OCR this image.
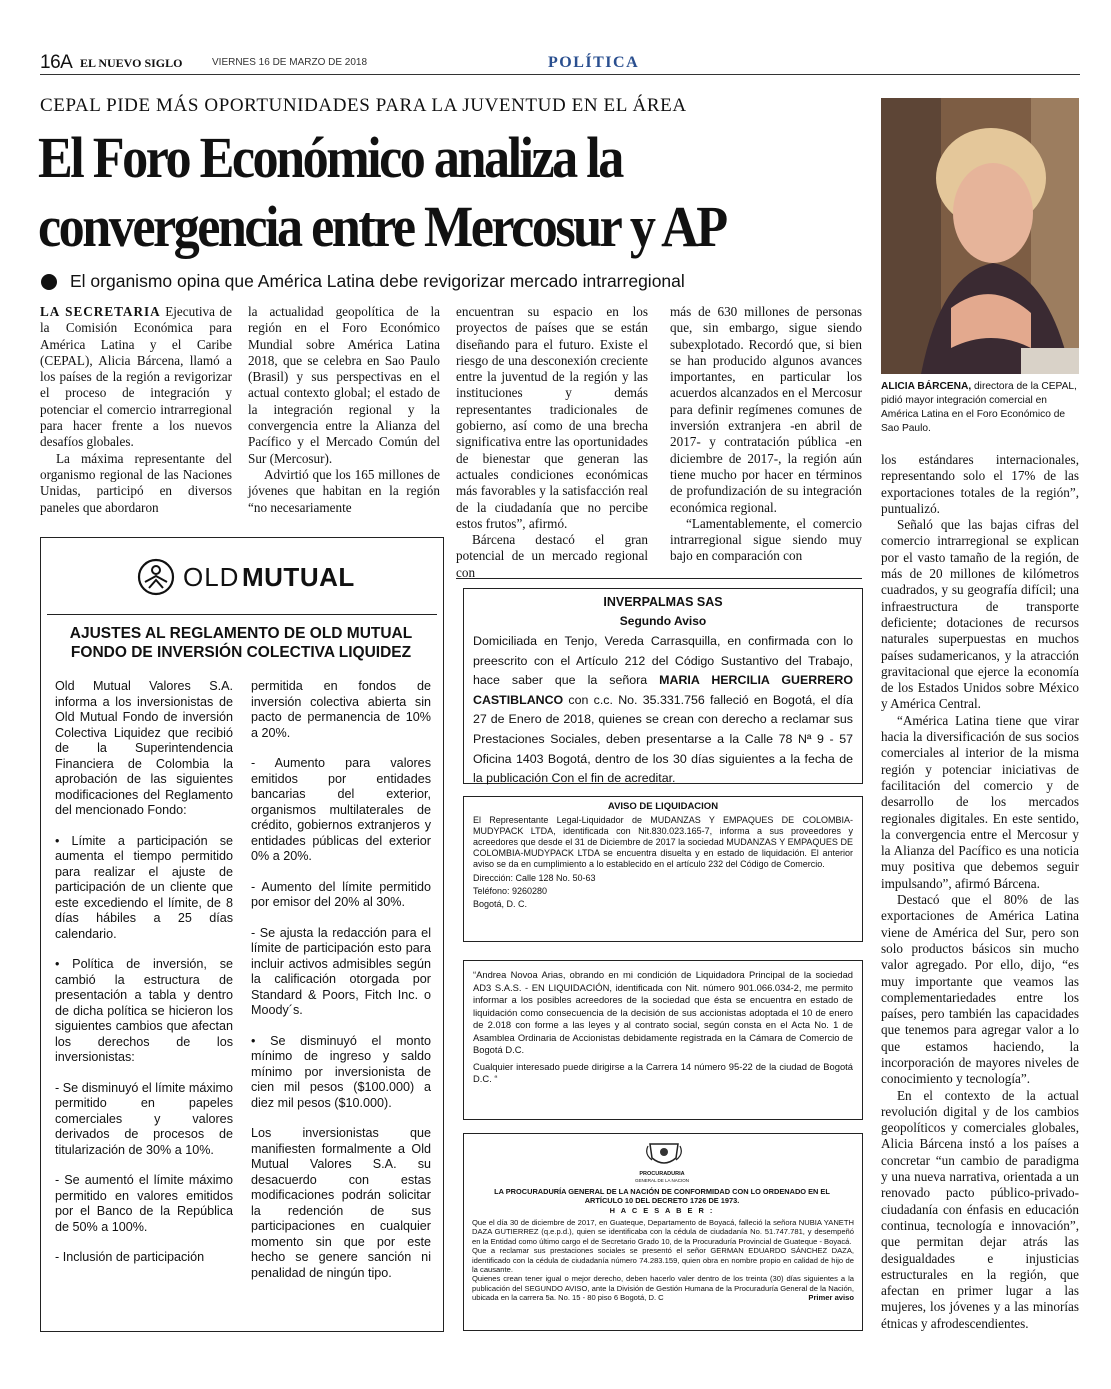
16A EL NUEVO SIGLO	VIERNES 16 DE MARZO DE 2018	POLÍTICA
CEPAL PIDE MÁS OPORTUNIDADES PARA LA JUVENTUD EN EL ÁREA
El Foro Económico analiza la
convergencia entre Mercosur y AP
El organismo opina que América Latina debe revigorizar mercado intrarregional
ALICIA BÁRCENA, directora de la CEPAL, pidió mayor integración comercial en América Latina en el Foro Económico de Sao Paulo.

LA SECRETARIA Ejecutiva de la Comisión Económica para América Latina y el Caribe (CEPAL), Alicia Bárcena, llamó a los países de la región a revigorizar el proceso de integración y potenciar el comercio intrarregional para hacer frente a los nuevos desafíos globales.

La máxima representante del organismo regional de las Naciones Unidas, participó en diversos paneles que abordaron

la actualidad geopolítica de la región en el Foro Económico Mundial sobre América Latina 2018, que se celebra en Sao Paulo (Brasil) y sus perspectivas en el actual contexto global; el estado de la integración regional y la convergencia entre la Alianza del Pacífico y el Mercado Común del Sur (Mercosur).

Advirtió que los 165 millones de jóvenes que habitan en la región “no necesariamente

encuentran su espacio en los proyectos de países que se están diseñando para el futuro. Existe el riesgo de una desconexión creciente entre la juventud de la región y las instituciones y demás representantes tradicionales de gobierno, así como de una brecha significativa entre las oportunidades de bienestar que generan las actuales condiciones económicas más favorables y la satisfacción real de la ciudadanía que no percibe estos frutos”, afirmó.

Bárcena destacó el gran potencial de un mercado regional con

más de 630 millones de personas que, sin embargo, sigue siendo subexplotado. Recordó que, si bien se han producido algunos avances importantes, en particular los acuerdos alcanzados en el Mercosur para definir regímenes comunes de inversión extranjera -en abril de 2017- y contratación pública -en diciembre de 2017-, la región aún tiene mucho por hacer en términos de profundización de su integración económica regional.

“Lamentablemente, el comercio intrarregional sigue siendo muy bajo en comparación con

los estándares internacionales, representando solo el 17% de las exportaciones totales de la región”, puntualizó.

Señaló que las bajas cifras del comercio intrarregional se explican por el vasto tamaño de la región, de más de 20 millones de kilómetros cuadrados, y su geografía difícil; una infraestructura de transporte deficiente; dotaciones de recursos naturales superpuestas en muchos países sudamericanos, y la atracción gravitacional que ejerce la economía de los Estados Unidos sobre México y América Central.

“América Latina tiene que virar hacia la diversificación de sus socios comerciales al interior de la misma región y potenciar iniciativas de facilitación del comercio y de desarrollo de los mercados regionales digitales. En este sentido, la convergencia entre el Mercosur y la Alianza del Pacífico es una noticia muy positiva que debemos seguir impulsando”, afirmó Bárcena.

Destacó que el 80% de las exportaciones de América Latina viene de América del Sur, pero son solo productos básicos sin mucho valor agregado. Por ello, dijo, “es muy importante que veamos las complementariedades entre los países, pero también las capacidades que tenemos para agregar valor a lo que estamos haciendo, la incorporación de mayores niveles de conocimiento y tecnología”.

En el contexto de la actual revolución digital y de los cambios geopolíticos y comerciales globales, Alicia Bárcena instó a los países a concretar “un cambio de paradigma y una nueva narrativa, orientada a un renovado pacto público-privado-ciudadanía con énfasis en educación continua, tecnología e innovación”, que permitan dejar atrás las desigualdades e injusticias estructurales en la región, que afectan en primer lugar a las mujeres, los jóvenes y a las minorías étnicas y afrodescendientes.

OLD MUTUAL
AJUSTES AL REGLAMENTO DE OLD MUTUAL
FONDO DE INVERSIÓN COLECTIVA LIQUIDEZ

Old Mutual Valores S.A. informa a los inversionistas de Old Mutual Fondo de inversión Colectiva Liquidez que recibió de la Superintendencia Financiera de Colombia la aprobación de las siguientes modificaciones del Reglamento del mencionado Fondo:

• Límite a participación se aumenta el tiempo permitido para realizar el ajuste de participación de un cliente que este excediendo el límite, de 8 días hábiles a 25 días calendario.

• Política de inversión, se cambió la estructura de presentación a tabla y dentro de dicha política se hicieron los siguientes cambios que afectan los derechos de los inversionistas:

- Se disminuyó el límite máximo permitido en papeles comerciales y valores derivados de procesos de titularización de 30% a 10%.

- Se aumentó el límite máximo permitido en valores emitidos por el Banco de la República de 50% a 100%.

- Inclusión de participación

permitida en fondos de inversión colectiva abierta sin pacto de permanencia de 10% a 20%.

- Aumento para valores emitidos por entidades bancarias del exterior, organismos multilaterales de crédito, gobiernos extranjeros y entidades públicas del exterior 0% a 20%.

- Aumento del límite permitido por emisor del 20% al 30%.

- Se ajusta la redacción para el límite de participación esto para incluir activos admisibles según la calificación otorgada por Standard & Poors, Fitch Inc. o Moody´s.

• Se disminuyó el monto mínimo de ingreso y saldo mínimo por inversionista de cien mil pesos ($100.000) a diez mil pesos ($10.000).

Los inversionistas que manifiesten formalmente a Old Mutual Valores S.A. su desacuerdo con estas modificaciones podrán solicitar la redención de sus participaciones en cualquier momento sin que por este hecho se genere sanción ni penalidad de ningún tipo.

INVERPALMAS SAS
Segundo Aviso
Domiciliada en Tenjo, Vereda Carrasquilla, en confirmada con lo preescrito con el Artículo 212 del Código Sustantivo del Trabajo, hace saber que la señora MARIA HERCILIA GUERRERO CASTIBLANCO con c.c. No. 35.331.756 falleció en Bogotá, el día 27 de Enero de 2018, quienes se crean con derecho a reclamar sus Prestaciones Sociales, deben presentarse a la Calle 78 Nª 9 - 57 Oficina 1403 Bogotá, dentro de los 30 días siguientes a la fecha de la publicación Con el fin de acreditar.
AVISO DE LIQUIDACION
El Representante Legal-Liquidador de MUDANZAS Y EMPAQUES DE COLOMBIA-MUDYPACK LTDA, identificada con Nit.830.023.165-7, informa a sus proveedores y acreedores que desde el 31 de Diciembre de 2017 la sociedad MUDANZAS Y EMPAQUES DE COLOMBIA-MUDYPACK LTDA se encuentra disuelta y en estado de liquidación. El anterior aviso se da en cumplimiento a lo establecido en el artículo 232 del Código de Comercio.
Dirección: Calle 128 No. 50-63
Teléfono: 9260280
Bogotá, D. C.
“Andrea Novoa Arias, obrando en mi condición de Liquidadora Principal de la sociedad AD3 S.A.S. - EN LIQUIDACIÓN, identificada con Nit. número 901.066.034-2, me permito informar a los posibles acreedores de la sociedad que ésta se encuentra en estado de liquidación como consecuencia de la decisión de sus accionistas adoptada el 10 de enero de 2.018 con forme a las leyes y al contrato social, según consta en el Acta No. 1 de Asamblea Ordinaria de Accionistas debidamente registrada en la Cámara de Comercio de Bogotá D.C.
Cualquier interesado puede dirigirse a la Carrera 14 número 95-22 de la ciudad de Bogotá D.C. “
PROCURADURIA
GENERAL DE LA NACION
LA PROCURADURÍA GENERAL DE LA NACIÓN DE CONFORMIDAD CON LO ORDENADO EN EL
ARTÍCULO 10 DEL DECRETO 1726 DE 1973.
H A C E S A B E R :
Que el día 30 de diciembre de 2017, en Guateque, Departamento de Boyacá, falleció la señora NUBIA YANETH DAZA GUTIERREZ (q.e.p.d.), quien se identificaba con la cédula de ciudadanía No. 51.747.781, y desempeñó en la Entidad como último cargo el de Secretario Grado 10, de la Procuraduría Provincial de Guateque - Boyacá.
Que a reclamar sus prestaciones sociales se presentó el señor GERMAN EDUARDO SÁNCHEZ DAZA, identificado con la cédula de ciudadanía número 74.283.159, quien obra en nombre propio en calidad de hijo de la causante.
Quienes crean tener igual o mejor derecho, deben hacerlo valer dentro de los treinta (30) días siguientes a la publicación del SEGUNDO AVISO, ante la División de Gestión Humana de la Procuraduría General de la Nación, ubicada en la carrera 5a. No. 15 - 80 piso 6 Bogotá, D. C	Primer aviso
